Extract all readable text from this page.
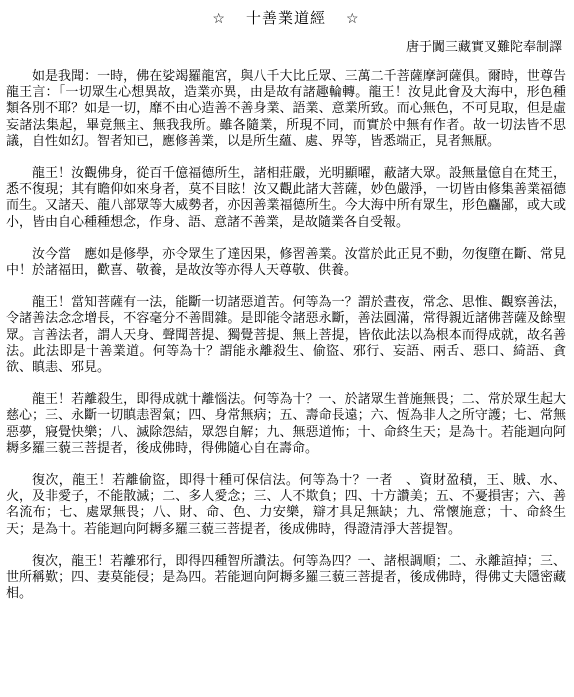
☆ 十善業道經 ☆
唐于闐三藏實叉難陀奉制譯

如是我聞：一時，佛在娑竭羅龍宮，與八千大比丘眾、三萬二千菩薩摩訶薩俱。爾時，世尊告龍王言：「一切眾生心想異故，造業亦異，由是故有諸趣輪轉。龍王！汝見此會及大海中，形色種類各別不耶？如是一切，靡不由心造善不善身業、語業、意業所致。而心無色，不可見取，但是虛妄諸法集起，畢竟無主、無我我所。雖各隨業，所現不同，而實於中無有作者。故一切法皆不思議，自性如幻。智者知已，應修善業，以是所生蘊、處、界等，皆悉端正，見者無厭。

龍王！汝觀佛身，從百千億福德所生，諸相莊嚴，光明顯曜，蔽諸大眾。設無量億自在梵王，悉不復現；其有瞻仰如來身者，莫不目眩！汝又觀此諸大菩薩，妙色嚴淨，一切皆由修集善業福德而生。又諸天、龍八部眾等大威勢者，亦因善業福德所生。今大海中所有眾生，形色麤鄙，或大或小，皆由自心種種想念，作身、語、意諸不善業，是故隨業各自受報。

汝今當　應如是修學，亦令眾生了達因果，修習善業。汝當於此正見不動，勿復墮在斷、常見中！於諸福田，歡喜、敬養，是故汝等亦得人天尊敬、供養。

龍王！當知菩薩有一法，能斷一切諸惡道苦。何等為一？謂於晝夜，常念、思惟、觀察善法，令諸善法念念增長，不容毫分不善間雜。是即能令諸惡永斷，善法圓滿，常得親近諸佛菩薩及餘聖眾。言善法者，謂人天身、聲聞菩提、獨覺菩提、無上菩提，皆依此法以為根本而得成就，故名善法。此法即是十善業道。何等為十？謂能永離殺生、偷盜、邪行、妄語、兩舌、惡口、綺語、貪欲、瞋恚、邪見。

龍王！若離殺生，即得成就十離惱法。何等為十？一、於諸眾生普施無畏；二、常於眾生起大慈心；三、永斷一切瞋恚習氣；四、身常無病；五、壽命長遠；六、恆為非人之所守護；七、常無惡夢，寢覺快樂；八、滅除怨結，眾怨自解；九、無惡道怖；十、命終生天；是為十。若能迴向阿耨多羅三藐三菩提者，後成佛時，得佛隨心自在壽命。

復次，龍王！若離偷盜，即得十種可保信法。何等為十？一者　、資財盈積，王、賊、水、火，及非愛子，不能散滅；二、多人愛念；三、人不欺負；四、十方讚美；五、不憂損害；六、善名流布；七、處眾無畏；八、財、命、色、力安樂，辯才具足無缺；九、常懷施意；十、命終生天；是為十。若能迴向阿耨多羅三藐三菩提者，後成佛時，得證清淨大菩提智。

復次，龍王！若離邪行，即得四種智所讚法。何等為四？一、諸根調順；二、永離諠掉；三、世所稱歎；四、妻莫能侵；是為四。若能迴向阿耨多羅三藐三菩提者，後成佛時，得佛丈夫隱密藏相。
